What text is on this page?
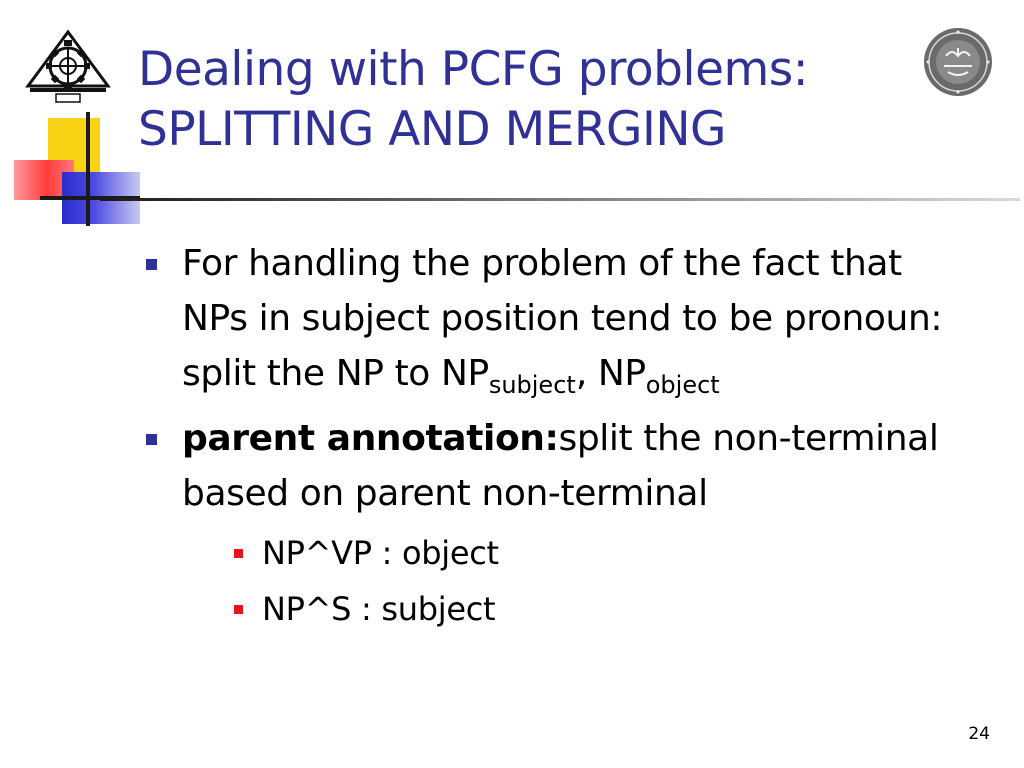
Dealing with PCFG problems:
SPLITTING AND MERGING
For handling the problem of the fact that NPs in subject position tend to be pronoun: split the NP to $NP_{subject}$, $NP_{object}$
parent annotation:split the non-terminal based on parent non-terminal
NP^VP : object
NP^S : subject
24
